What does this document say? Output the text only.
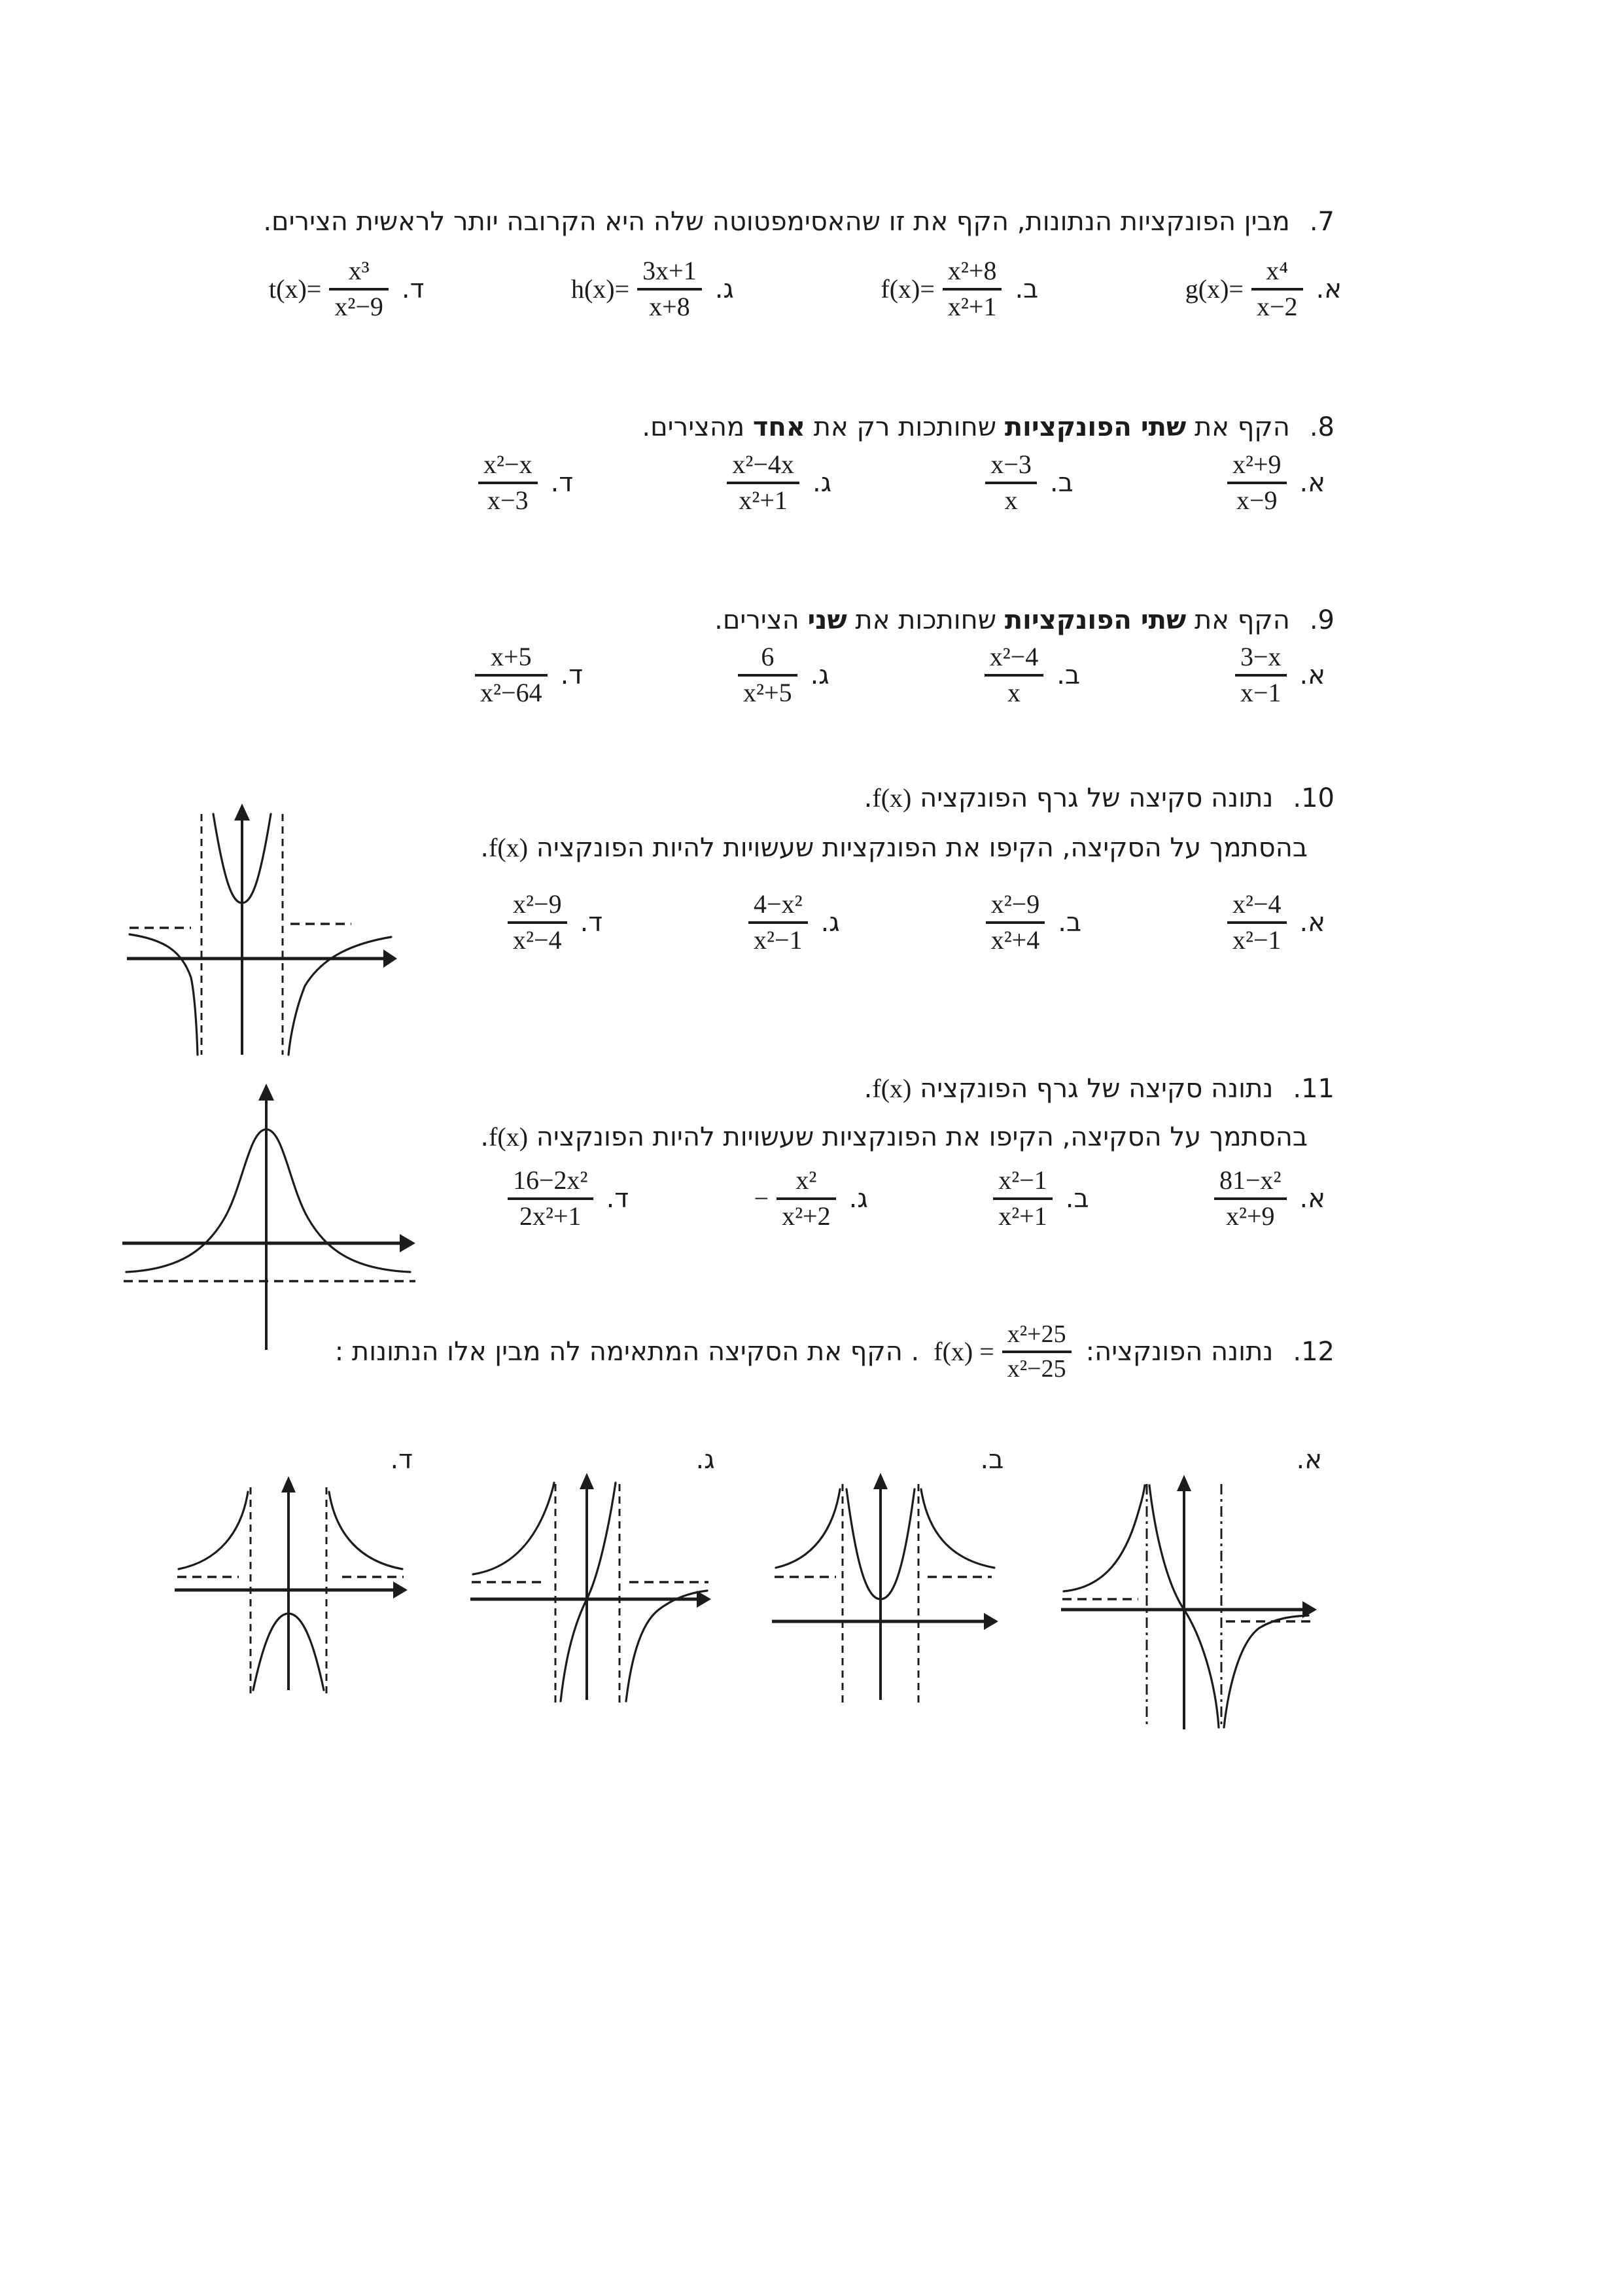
7.מבין הפונקציות הנתונות, הקף את זו שהאסימפטוטה שלה היא הקרובה יותר לראשית הצירים.
א.
$g(x)= \frac{\text{x⁴}}{x-2}$
ב.
$f(x)= \frac{\text{x²+8}}{\text{x²+1}}$
ג.
$h(x)= \frac{3x+1}{x+8}$
ד.
$t(x)= \frac{\text{x³}}{\text{x²−9}}$
8.הקף את שתי הפונקציות שחותכות רק את אחד מהצירים.
א.
$\frac{\text{x²+9}}{x-9}$
ב.
$\frac{x-3}{x}$
ג.
$\frac{\text{x²−4x}}{\text{x²+1}}$
ד.
$\frac{\text{x²−x}}{x-3}$
9.הקף את שתי הפונקציות שחותכות את שני הצירים.
א.
$\frac{3-x}{x-1}$
ב.
$\frac{\text{x²−4}}{x}$
ג.
$\frac{6}{\text{x²+5}}$
ד.
$\frac{x+5}{\text{x²−64}}$
10.נתונה סקיצה של גרף הפונקציה f(x).
בהסתמך על הסקיצה, הקיפו את הפונקציות שעשויות להיות הפונקציה f(x).
א.
$\frac{\text{x²−4}}{\text{x²−1}}$
ב.
$\frac{\text{x²−9}}{\text{x²+4}}$
ג.
$\frac{\text{4−x²}}{\text{x²−1}}$
ד.
$\frac{\text{x²−9}}{\text{x²−4}}$
11.נתונה סקיצה של גרף הפונקציה f(x).
בהסתמך על הסקיצה, הקיפו את הפונקציות שעשויות להיות הפונקציה f(x).
א.
$\frac{\text{81−x²}}{\text{x²+9}}$
ב.
$\frac{\text{x²−1}}{\text{x²+1}}$
ג.
− $\frac{\text{x²}}{\text{x²+2}}$
ד.
$\frac{\text{16−2x²}}{\text{2x²+1}}$
12.נתונה הפונקציה:
$f(x) = \frac{\text{x²+25}}{\text{x²−25}}$
. הקף את הסקיצה המתאימה לה מבין אלו הנתונות :
א.
ב.
ג.
ד.
